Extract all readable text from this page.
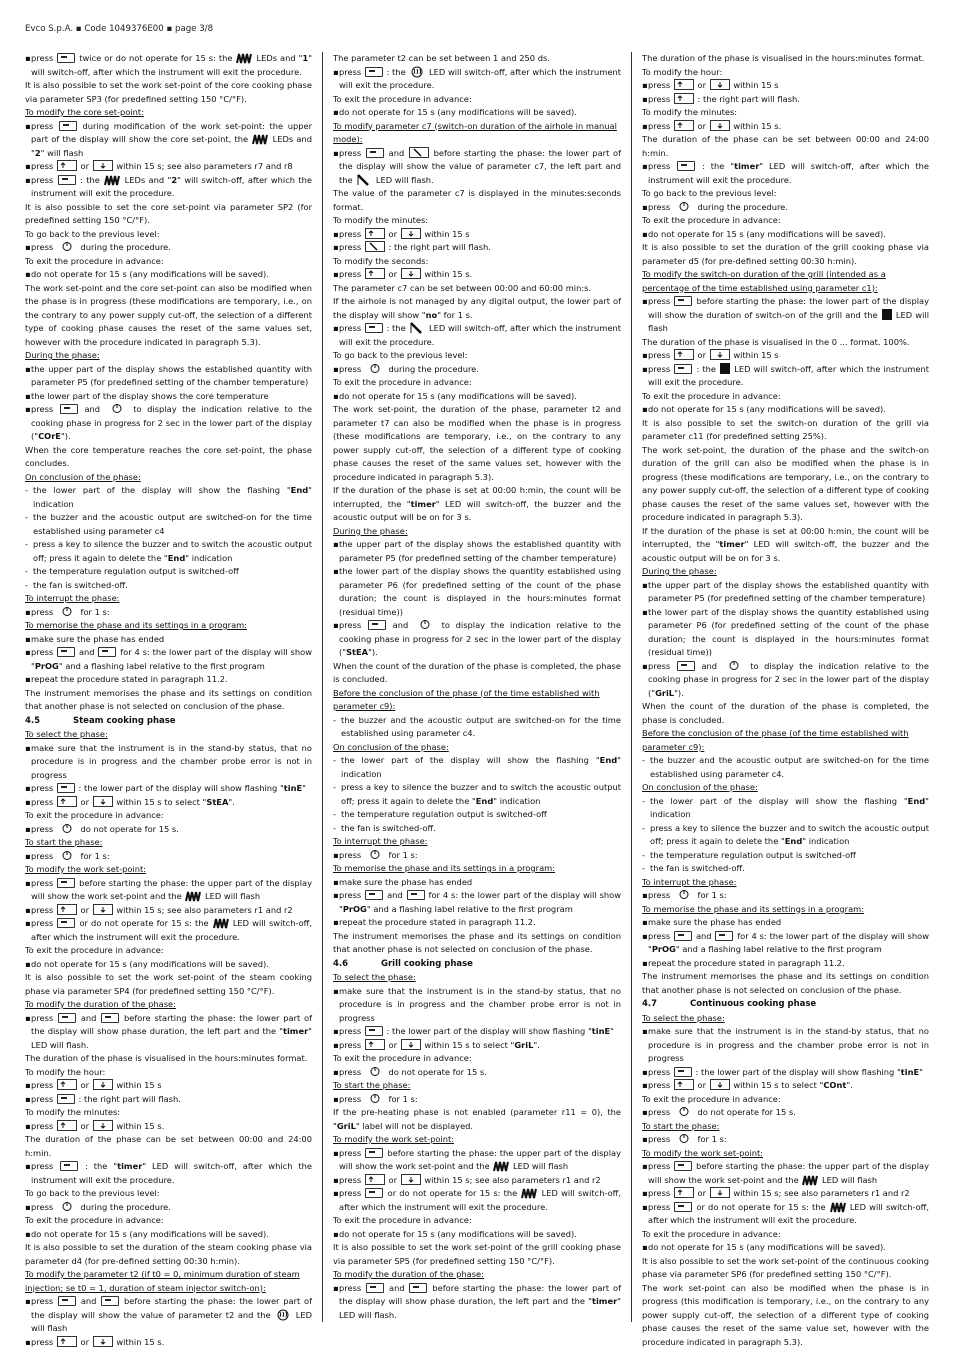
Evco S.p.A. ▪ Code 1049376E00 ▪ page 3/8
▪ press	twice or do not operate for 15 s: the	LEDs and "1" will switch-off, after which the instrument will exit the procedure.
It is also possible to set the work set-point of the core cooking phase via parameter SP3 (for predefined setting 150 °C/°F).
To modify the core set-point:
▪ press	during modification of the work set-point: the upper part of the display will show the core set-point, the	LEDs and "2" will flash
▪ press	or	within 15 s; see also parameters r7 and r8
▪ press	: the	LEDs and "2" will switch-off, after which the instrument will exit the procedure.
It is also possible to set the core set-point via parameter SP2 (for predefined setting 150 °C/°F).
To go back to the previous level:
▪ press	during the procedure.
To exit the procedure in advance:
▪ do not operate for 15 s (any modifications will be saved).
The work set-point and the core set-point can also be modified when the phase is in progress (these modifications are temporary, i.e., on the contrary to any power supply cut-off, the selection of a different type of cooking phase causes the reset of the same values set, however with the procedure indicated in paragraph 5.3).
During the phase:
▪ the upper part of the display shows the established quantity with parameter P5 (for predefined setting of the chamber temperature)
▪ the lower part of the display shows the core temperature
▪ press	and	to display the indication relative to the cooking phase in progress for 2 sec in the lower part of the display ("COrE").
When the core temperature reaches the core set-point, the phase concludes.
On conclusion of the phase:
- the lower part of the display will show the flashing "End" indication
- the buzzer and the acoustic output are switched-on for the time established using parameter c4
- press a key to silence the buzzer and to switch the acoustic output off; press it again to delete the "End" indication
- the temperature regulation output is switched-off
- the fan is switched-off.
To interrupt the phase:
▪ press	for 1 s:
To memorise the phase and its settings in a program:
▪ make sure the phase has ended
▪ press	and	for 4 s: the lower part of the display will show "PrOG" and a flashing label relative to the first program
▪ repeat the procedure stated in paragraph 11.2.
The instrument memorises the phase and its settings on condition that another phase is not selected on conclusion of the phase.
4.5	Steam cooking phase
To select the phase:
▪ make sure that the instrument is in the stand-by status, that no procedure is in progress and the chamber probe error is not in progress
▪ press	: the lower part of the display will show flashing "tinE"
▪ press	or	within 15 s to select "StEA".
To exit the procedure in advance:
▪ press	do not operate for 15 s.
To start the phase:
▪ press	for 1 s:
To modify the work set-point:
▪ press	before starting the phase: the upper part of the display will show the work set-point and the	LED will flash
▪ press	or	within 15 s; see also parameters r1 and r2
▪ press	or do not operate for 15 s: the	LED will switch-off, after which the instrument will exit the procedure.
To exit the procedure in advance:
▪ do not operate for 15 s (any modifications will be saved).
It is also possible to set the work set-point of the steam cooking phase via parameter SP4 (for predefined setting 150 °C/°F).
To modify the duration of the phase:
▪ press	and	before starting the phase: the lower part of the display will show phase duration, the left part and the "timer" LED will flash.
The duration of the phase is visualised in the hours:minutes format.
To modify the hour:
▪ press	or	within 15 s
▪ press	: the right part will flash.
To modify the minutes:
▪ press	or	within 15 s.
The duration of the phase can be set between 00:00 and 24:00 h:min.
▪ press	: the "timer" LED will switch-off, after which the instrument will exit the procedure.
To go back to the previous level:
▪ press	during the procedure.
To exit the procedure in advance:
▪ do not operate for 15 s (any modifications will be saved).
It is also possible to set the duration of the steam cooking phase via parameter d4 (for pre-defined setting 00:30 h:min).
To modify the parameter t2 (if t0 = 0, minimum duration of steam injection; se t0 = 1, duration of steam injector switch-on):
▪ press	and	before starting the phase: the lower part of the display will show the value of parameter t2 and the	LED will flash
▪ press	or	within 15 s.
The parameter t2 can be set between 1 and 250 ds.
▪ press	: the	LED will switch-off, after which the instrument will exit the procedure.
To exit the procedure in advance:
▪ do not operate for 15 s (any modifications will be saved).
To modify parameter c7 (switch-on duration of the airhole in manual mode):
▪ press	and	before starting the phase: the lower part of the display will show the value of parameter c7, the left part and the	LED will flash.
The value of the parameter c7 is displayed in the minutes:seconds format.
To modify the minutes:
▪ press	or	within 15 s
▪ press	: the right part will flash.
To modify the seconds:
▪ press	or	within 15 s.
The parameter c7 can be set between 00:00 and 60:00 min:s.
If the airhole is not managed by any digital output, the lower part of the display will show "no" for 1 s.
▪ press	: the	LED will switch-off, after which the instrument will exit the procedure.
To go back to the previous level:
▪ press	during the procedure.
To exit the procedure in advance:
▪ do not operate for 15 s (any modifications will be saved).
The work set-point, the duration of the phase, parameter t2 and parameter t7 can also be modified when the phase is in progress (these modifications are temporary, i.e., on the contrary to any power supply cut-off, the selection of a different type of cooking phase causes the reset of the same values set, however with the procedure indicated in paragraph 5.3).
If the duration of the phase is set at 00:00 h:min, the count will be interrupted, the "timer" LED will switch-off, the buzzer and the acoustic output will be on for 3 s.
During the phase:
▪ the upper part of the display shows the established quantity with parameter P5 (for predefined setting of the chamber temperature)
▪ the lower part of the display shows the quantity established using parameter P6 (for predefined setting of the count of the phase duration; the count is displayed in the hours:minutes format (residual time))
▪ press	and	to display the indication relative to the cooking phase in progress for 2 sec in the lower part of the display ("StEA").
When the count of the duration of the phase is completed, the phase is concluded.
Before the conclusion of the phase (of the time established with parameter c9):
- the buzzer and the acoustic output are switched-on for the time established using parameter c4.
On conclusion of the phase:
- the lower part of the display will show the flashing "End" indication
- press a key to silence the buzzer and to switch the acoustic output off; press it again to delete the "End" indication
- the temperature regulation output is switched-off
- the fan is switched-off.
To interrupt the phase:
▪ press	for 1 s:
To memorise the phase and its settings in a program:
▪ make sure the phase has ended
▪ press	and	for 4 s: the lower part of the display will show "PrOG" and a flashing label relative to the first program
▪ repeat the procedure stated in paragraph 11.2.
The instrument memorises the phase and its settings on condition that another phase is not selected on conclusion of the phase.
4.6	Grill cooking phase
To select the phase:
▪ make sure that the instrument is in the stand-by status, that no procedure is in progress and the chamber probe error is not in progress
▪ press	: the lower part of the display will show flashing "tinE"
▪ press	or	within 15 s to select "GriL".
To exit the procedure in advance:
▪ press	do not operate for 15 s.
To start the phase:
▪ press	for 1 s:
If the pre-heating phase is not enabled (parameter r11 = 0), the "GriL" label will not be displayed.
To modify the work set-point:
▪ press	before starting the phase: the upper part of the display will show the work set-point and the	LED will flash
▪ press	or	within 15 s; see also parameters r1 and r2
▪ press	or do not operate for 15 s: the	LED will switch-off, after which the instrument will exit the procedure.
To exit the procedure in advance:
▪ do not operate for 15 s (any modifications will be saved).
It is also possible to set the work set-point of the grill cooking phase via parameter SP5 (for predefined setting 150 °C/°F).
To modify the duration of the phase:
▪ press	and	before starting the phase: the lower part of the display will show phase duration, the left part and the "timer" LED will flash.
The duration of the phase is visualised in the hours:minutes format.
To modify the hour:
▪ press	or	within 15 s
▪ press	: the right part will flash.
To modify the minutes:
▪ press	or	within 15 s.
The duration of the phase can be set between 00:00 and 24:00 h:min.
▪ press	: the "timer" LED will switch-off, after which the instrument will exit the procedure.
To go back to the previous level:
▪ press	during the procedure.
To exit the procedure in advance:
▪ do not operate for 15 s (any modifications will be saved).
It is also possible to set the duration of the grill cooking phase via parameter d5 (for pre-defined setting 00:30 h:min).
To modify the switch-on duration of the grill (intended as a percentage of the time established using parameter c1):
▪ press	before starting the phase: the lower part of the display will show the duration of switch-on of the grill and the LED will flash
The duration of the phase is visualised in the 0 ... format. 100%.
▪ press	or	within 15 s
▪ press	: the LED will switch-off, after which the instrument will exit the procedure.
To exit the procedure in advance:
▪ do not operate for 15 s (any modifications will be saved).
It is also possible to set the switch-on duration of the grill via parameter c11 (for predefined setting 25%).
The work set-point, the duration of the phase and the switch-on duration of the grill can also be modified when the phase is in progress (these modifications are temporary, i.e., on the contrary to any power supply cut-off, the selection of a different type of cooking phase causes the reset of the same values set, however with the procedure indicated in paragraph 5.3).
If the duration of the phase is set at 00:00 h:min, the count will be interrupted, the "timer" LED will switch-off, the buzzer and the acoustic output will be on for 3 s.
During the phase:
▪ the upper part of the display shows the established quantity with parameter P5 (for predefined setting of the chamber temperature)
▪ the lower part of the display shows the quantity established using parameter P6 (for predefined setting of the count of the phase duration; the count is displayed in the hours:minutes format (residual time))
▪ press	and	to display the indication relative to the cooking phase in progress for 2 sec in the lower part of the display ("GriL").
When the count of the duration of the phase is completed, the phase is concluded.
Before the conclusion of the phase (of the time established with parameter c9):
- the buzzer and the acoustic output are switched-on for the time established using parameter c4.
On conclusion of the phase:
- the lower part of the display will show the flashing "End" indication
- press a key to silence the buzzer and to switch the acoustic output off; press it again to delete the "End" indication
- the temperature regulation output is switched-off
- the fan is switched-off.
To interrupt the phase:
▪ press	for 1 s:
To memorise the phase and its settings in a program:
▪ make sure the phase has ended
▪ press	and	for 4 s: the lower part of the display will show "PrOG" and a flashing label relative to the first program
▪ repeat the procedure stated in paragraph 11.2.
The instrument memorises the phase and its settings on condition that another phase is not selected on conclusion of the phase.
4.7	Continuous cooking phase
To select the phase:
▪ make sure that the instrument is in the stand-by status, that no procedure is in progress and the chamber probe error is not in progress
▪ press	: the lower part of the display will show flashing "tinE"
▪ press	or	within 15 s to select "COnt".
To exit the procedure in advance:
▪ press	do not operate for 15 s.
To start the phase:
▪ press	for 1 s:
To modify the work set-point:
▪ press	before starting the phase: the upper part of the display will show the work set-point and the	LED will flash
▪ press	or	within 15 s; see also parameters r1 and r2
▪ press	or do not operate for 15 s: the	LED will switch-off, after which the instrument will exit the procedure.
To exit the procedure in advance:
▪ do not operate for 15 s (any modifications will be saved).
It is also possible to set the work set-point of the continuous cooking phase via parameter SP6 (for predefined setting 150 °C/°F).
The work set-point can also be modified when the phase is in progress (this modification is temporary, i.e., on the contrary to any power supply cut-off, the selection of a different type of cooking phase causes the reset of the same value set, however with the procedure indicated in paragraph 5.3).
